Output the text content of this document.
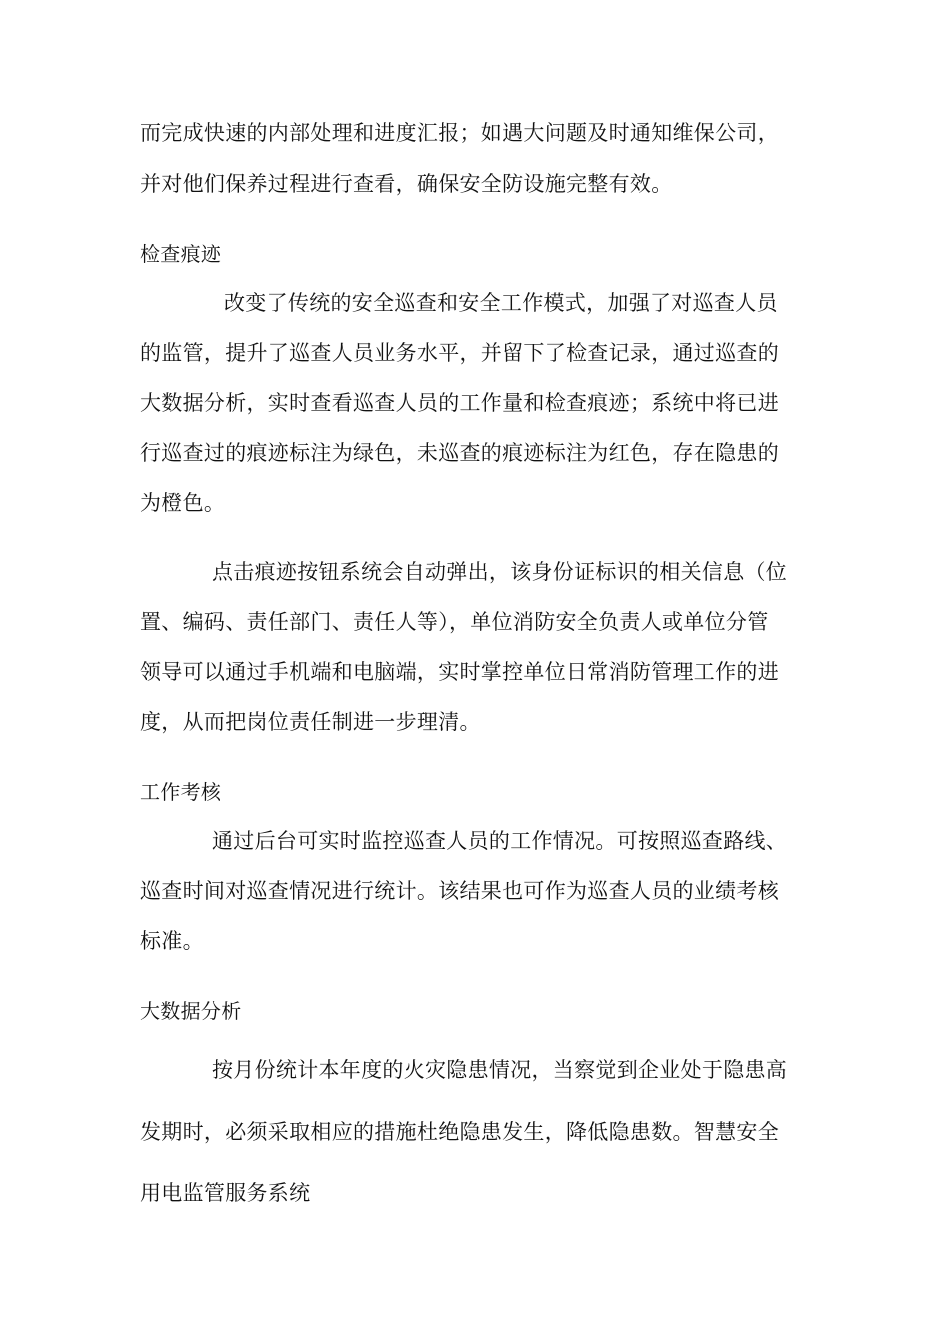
而完成快速的内部处理和进度汇报；如遇大问题及时通知维保公司，
并对他们保养过程进行查看，确保安全防设施完整有效。
检查痕迹
改变了传统的安全巡查和安全工作模式，加强了对巡查人员
的监管，提升了巡查人员业务水平，并留下了检查记录，通过巡查的
大数据分析，实时查看巡查人员的工作量和检查痕迹；系统中将已进
行巡查过的痕迹标注为绿色，未巡查的痕迹标注为红色，存在隐患的
为橙色。
点击痕迹按钮系统会自动弹出，该身份证标识的相关信息（位
置、编码、责任部门、责任人等），单位消防安全负责人或单位分管
领导可以通过手机端和电脑端，实时掌控单位日常消防管理工作的进
度，从而把岗位责任制进一步理清。
工作考核
通过后台可实时监控巡查人员的工作情况。可按照巡查路线、
巡查时间对巡查情况进行统计。该结果也可作为巡查人员的业绩考核
标准。
大数据分析
按月份统计本年度的火灾隐患情况，当察觉到企业处于隐患高
发期时，必须采取相应的措施杜绝隐患发生，降低隐患数。智慧安全
用电监管服务系统
